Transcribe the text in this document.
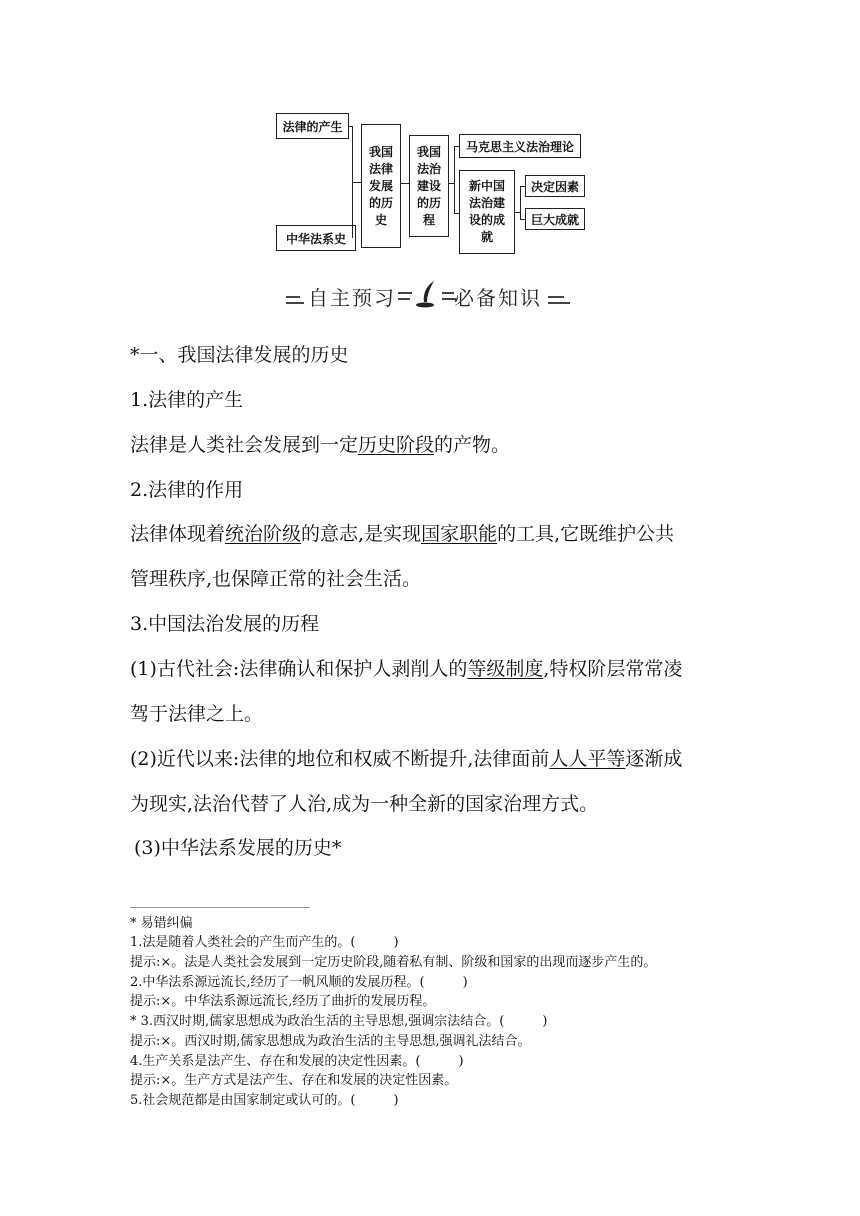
法律的产生
中华法系史
我国法律发展的历史
我国法治建设的历程
马克思主义法治理论
新中国法治建设的成就
决定因素
巨大成就
自主预习	必备知识
*一、我国法律发展的历史
1.法律的产生
法律是人类社会发展到一定历史阶段的产物。
2.法律的作用
法律体现着统治阶级的意志,是实现国家职能的工具,它既维护公共
管理秩序,也保障正常的社会生活。
3.中国法治发展的历程
(1)古代社会:法律确认和保护人剥削人的等级制度,特权阶层常常凌
驾于法律之上。
(2)近代以来:法律的地位和权威不断提升,法律面前人人平等逐渐成
为现实,法治代替了人治,成为一种全新的国家治理方式。
(3)中华法系发展的历史*
* 易错纠偏
1.法是随着人类社会的产生而产生的。(	)
提示:×。法是人类社会发展到一定历史阶段,随着私有制、阶级和国家的出现而逐步产生的。
2.中华法系源远流长,经历了一帆风顺的发展历程。(	)
提示:×。中华法系源远流长,经历了曲折的发展历程。
* 3.西汉时期,儒家思想成为政治生活的主导思想,强调宗法结合。(	)
提示:×。西汉时期,儒家思想成为政治生活的主导思想,强调礼法结合。
4.生产关系是法产生、存在和发展的决定性因素。(	)
提示:×。生产方式是法产生、存在和发展的决定性因素。
5.社会规范都是由国家制定或认可的。(	)
